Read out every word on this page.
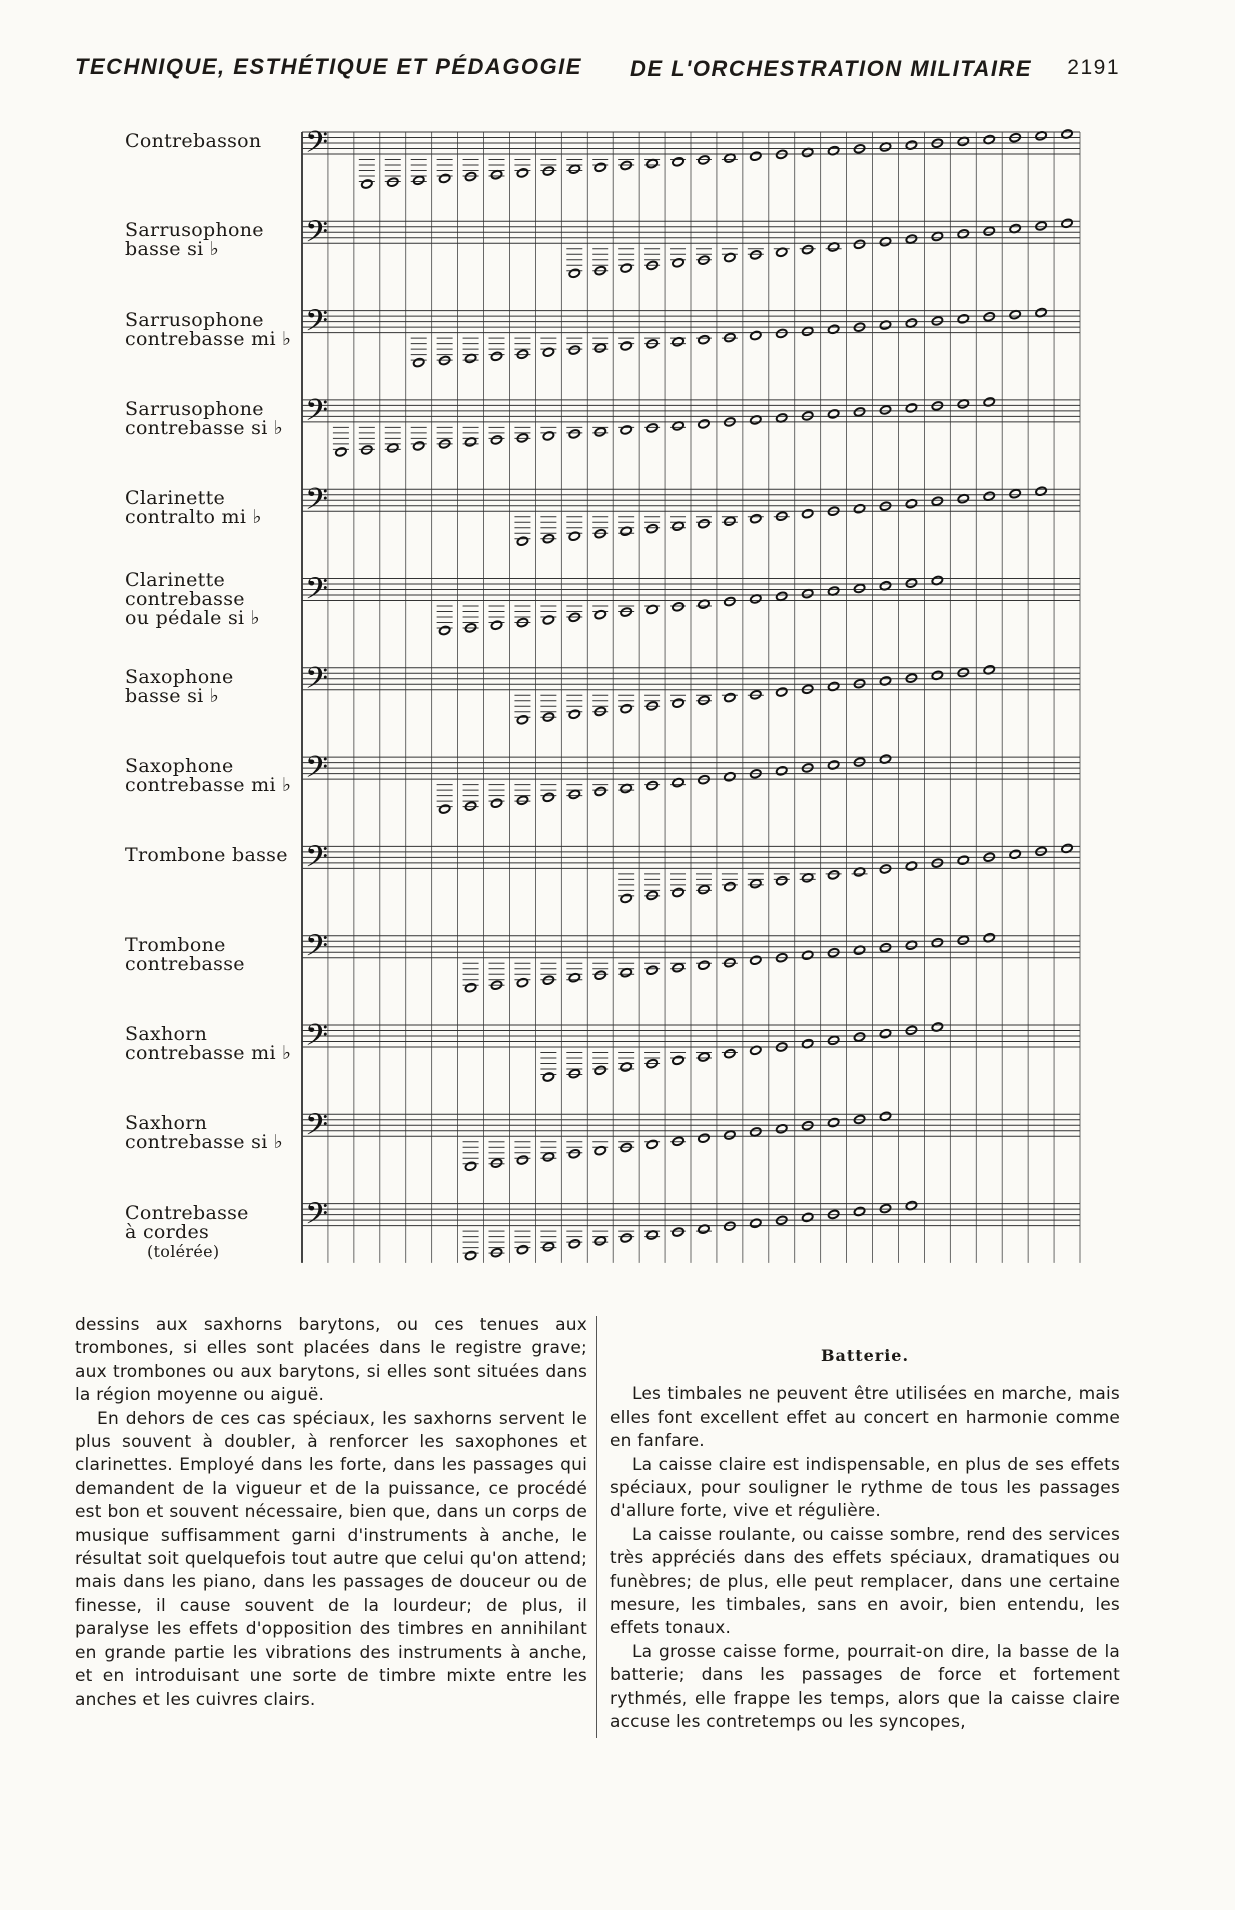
TECHNIQUE, ESTHÉTIQUE ET PÉDAGOGIE DE L'ORCHESTRATION MILITAIRE 2191
Contrebasson
Sarrusophone
basse si ♭
Sarrusophone
contrebasse mi ♭
Sarrusophone
contrebasse si ♭
Clarinette
contralto mi ♭
Clarinette
contrebasse
ou pédale si ♭
Saxophone
basse si ♭
Saxophone
contrebasse mi ♭
Trombone basse
Trombone
contrebasse
Saxhorn
contrebasse mi ♭
Saxhorn
contrebasse si ♭
Contrebasse
à cordes
(tolérée)
𝄢
𝄢
𝄢
𝄢
𝄢
𝄢
𝄢
𝄢
𝄢
𝄢
𝄢
𝄢
𝄢

dessins aux saxhorns barytons, ou ces tenues aux trombones, si elles sont placées dans le registre grave; aux trombones ou aux barytons, si elles sont situées dans la région moyenne ou aiguë.

En dehors de ces cas spéciaux, les saxhorns servent le plus souvent à doubler, à renforcer les saxophones et clarinettes. Employé dans les forte, dans les passages qui demandent de la vigueur et de la puissance, ce procédé est bon et souvent nécessaire, bien que, dans un corps de musique suffisamment garni d'instruments à anche, le résultat soit quelquefois tout autre que celui qu'on attend; mais dans les piano, dans les passages de douceur ou de finesse, il cause souvent de la lourdeur; de plus, il paralyse les effets d'opposition des timbres en annihilant en grande partie les vibrations des instruments à anche, et en introduisant une sorte de timbre mixte entre les anches et les cuivres clairs.

Batterie.

Les timbales ne peuvent être utilisées en marche, mais elles font excellent effet au concert en harmonie comme en fanfare.

La caisse claire est indispensable, en plus de ses effets spéciaux, pour souligner le rythme de tous les passages d'allure forte, vive et régulière.

La caisse roulante, ou caisse sombre, rend des services très appréciés dans des effets spéciaux, dramatiques ou funèbres; de plus, elle peut remplacer, dans une certaine mesure, les timbales, sans en avoir, bien entendu, les effets tonaux.

La grosse caisse forme, pourrait-on dire, la basse de la batterie; dans les passages de force et fortement rythmés, elle frappe les temps, alors que la caisse claire accuse les contretemps ou les syncopes,
